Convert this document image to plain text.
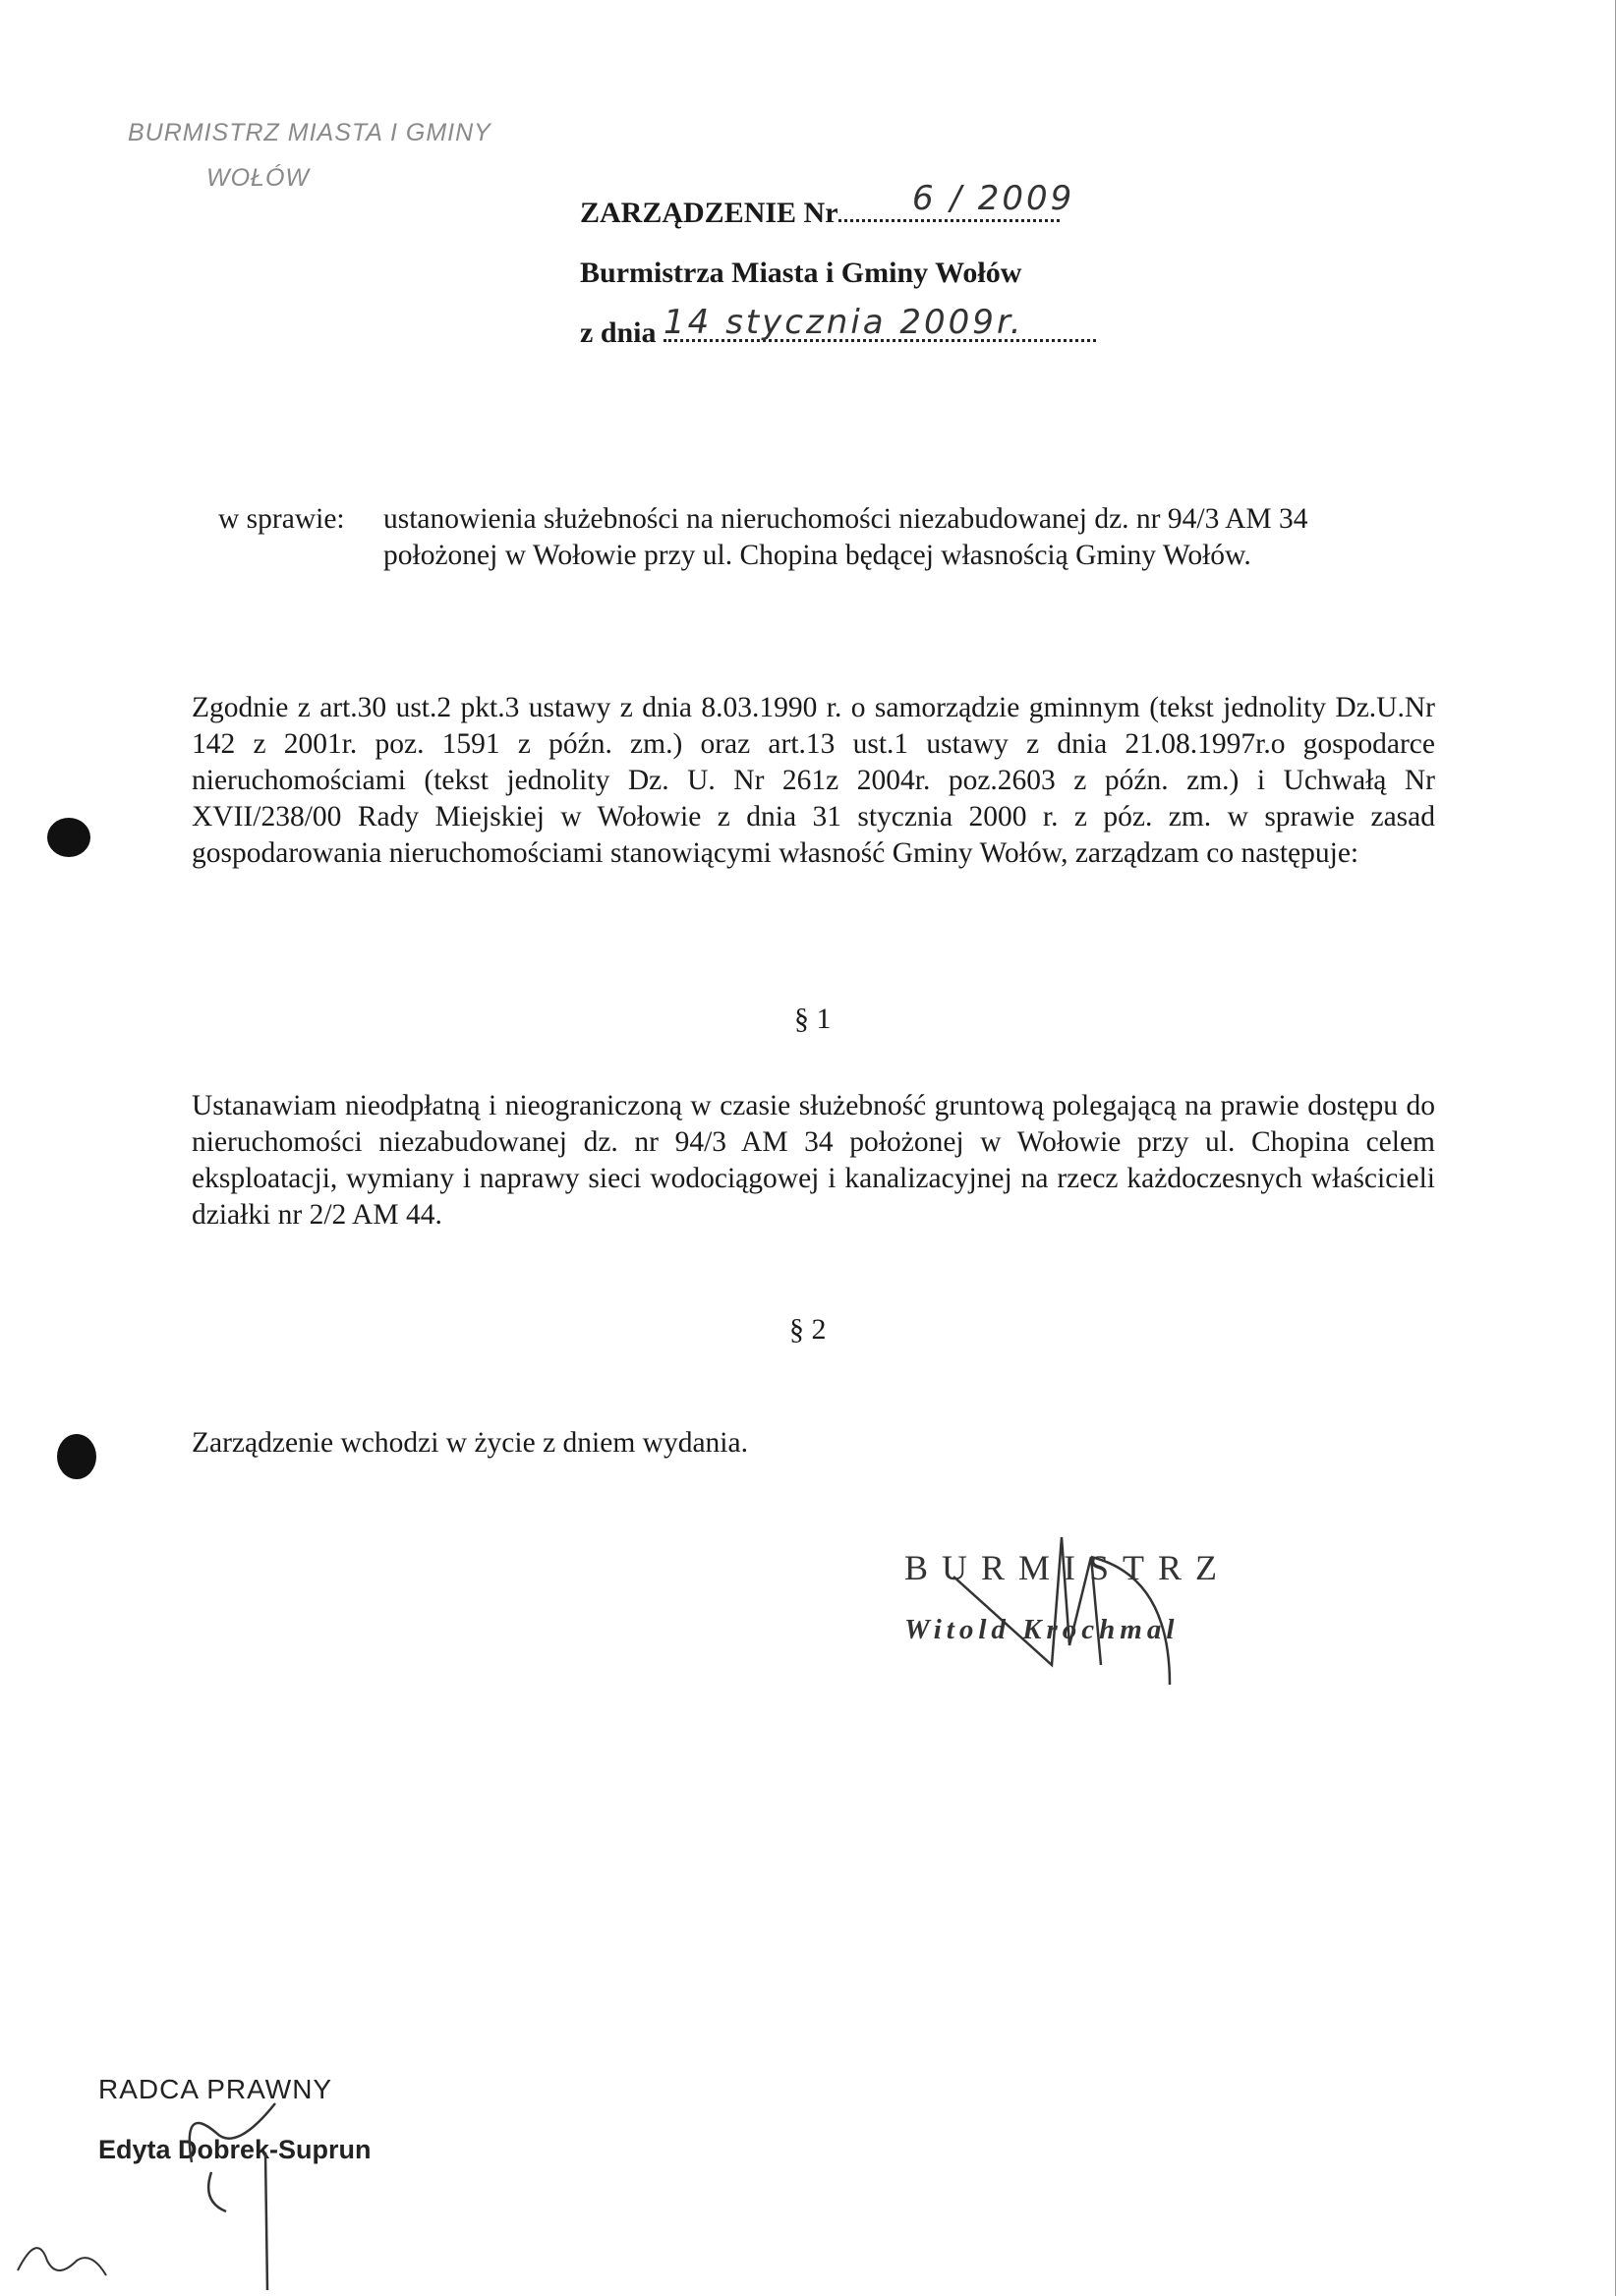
BURMISTRZ MIASTA I GMINY
WOŁÓW
ZARZĄDZENIE Nr 6 / 2009
Burmistrza Miasta i Gminy Wołów
z dnia 14 stycznia 2009r.
w sprawie: ustanowienia służebności na nieruchomości niezabudowanej dz. nr 94/3 AM 34 położonej w Wołowie przy ul. Chopina będącej własnością Gminy Wołów.
Zgodnie z art.30 ust.2 pkt.3 ustawy z dnia 8.03.1990 r. o samorządzie gminnym (tekst jednolity Dz.U.Nr 142 z 2001r. poz. 1591 z późn. zm.) oraz art.13 ust.1 ustawy z dnia 21.08.1997r.o gospodarce nieruchomościami (tekst jednolity Dz. U. Nr 261z 2004r. poz.2603 z późn. zm.) i Uchwałą Nr XVII/238/00 Rady Miejskiej w Wołowie z dnia 31 stycznia 2000 r. z póz. zm. w sprawie zasad gospodarowania nieruchomościami stanowiącymi własność Gminy Wołów, zarządzam co następuje:
§ 1
Ustanawiam nieodpłatną i nieograniczoną w czasie służebność gruntową polegającą na prawie dostępu do nieruchomości niezabudowanej dz. nr 94/3 AM 34 położonej w Wołowie przy ul. Chopina celem eksploatacji, wymiany i naprawy sieci wodociągowej i kanalizacyjnej na rzecz każdoczesnych właścicieli działki nr 2/2 AM 44.
§ 2
Zarządzenie wchodzi w życie z dniem wydania.
BURMISTRZ
Witold Krochmal
RADCA PRAWNY
Edyta Dobrek-Suprun
